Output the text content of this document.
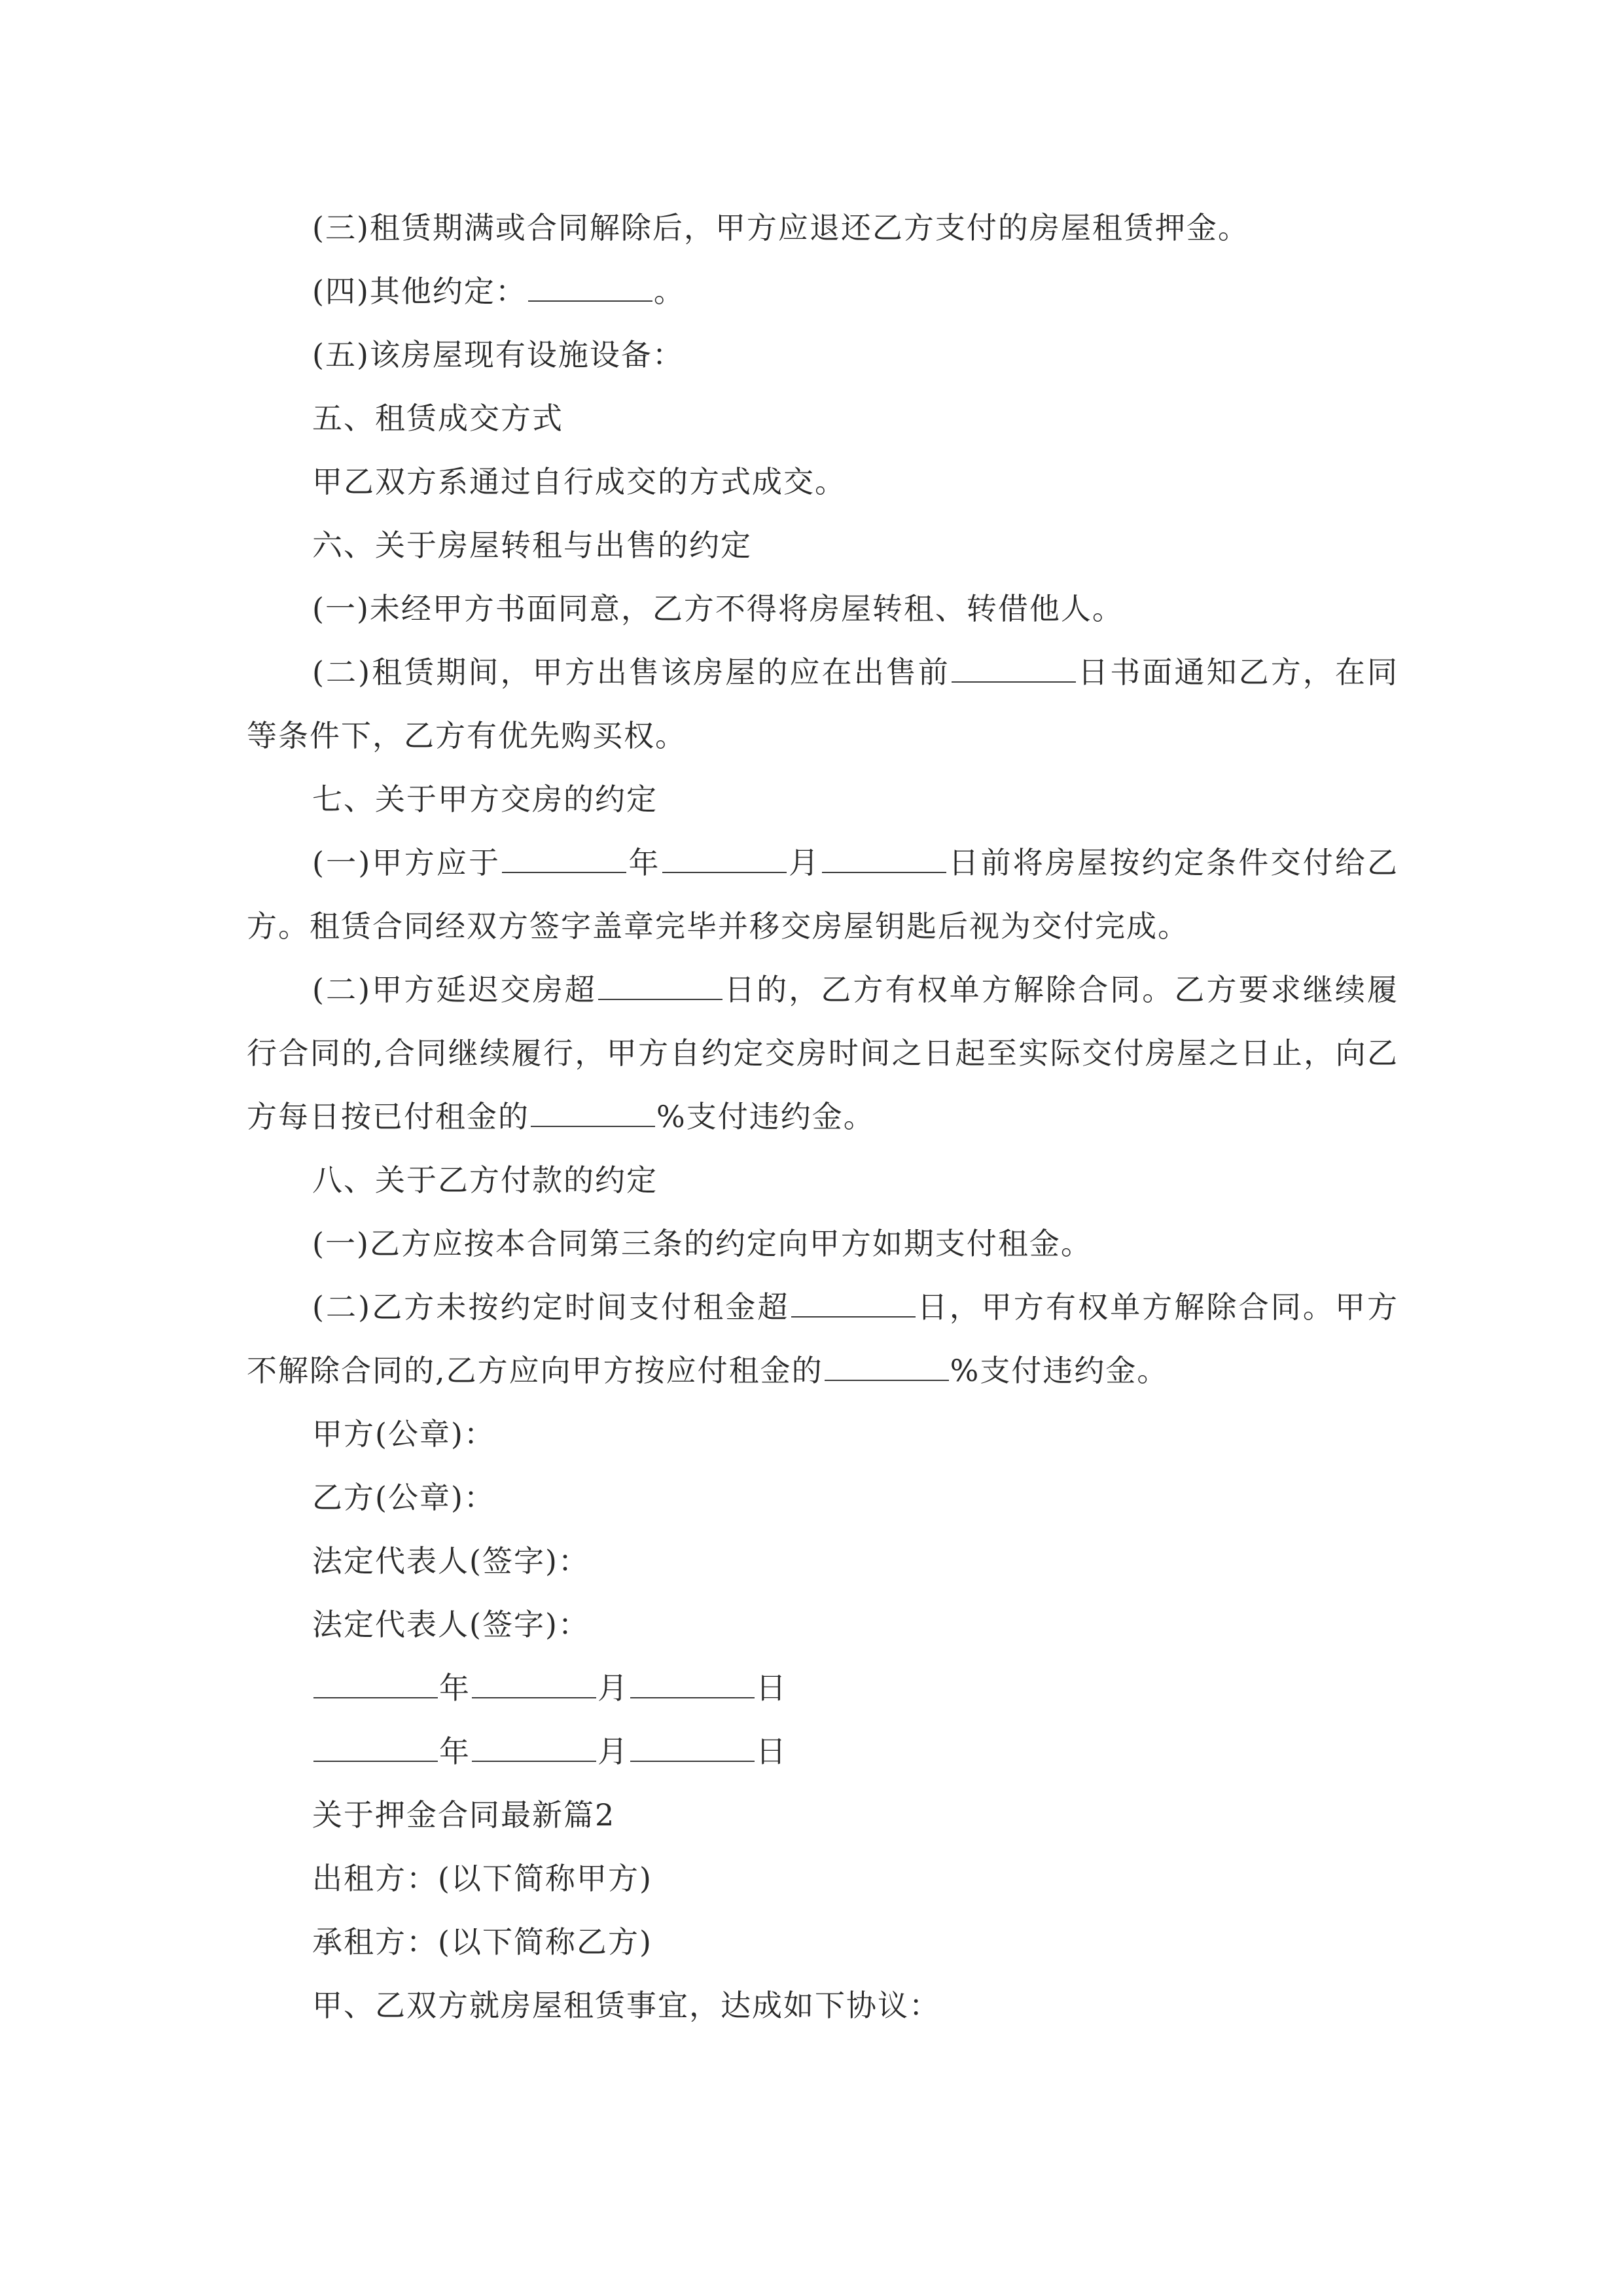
(三)租赁期满或合同解除后，甲方应退还乙方支付的房屋租赁押金。

(四)其他约定：	。

(五)该房屋现有设施设备：

五、租赁成交方式

甲乙双方系通过自行成交的方式成交。

六、关于房屋转租与出售的约定

(一)未经甲方书面同意，乙方不得将房屋转租、转借他人。

(二)租赁期间，甲方出售该房屋的应在出售前	日书面通知乙方，在同等条件下，乙方有优先购买权。

七、关于甲方交房的约定

(一)甲方应于	年	月	日前将房屋按约定条件交付给乙方。租赁合同经双方签字盖章完毕并移交房屋钥匙后视为交付完成。

(二)甲方延迟交房超	日的，乙方有权单方解除合同。乙方要求继续履行合同的,合同继续履行，甲方自约定交房时间之日起至实际交付房屋之日止，向乙方每日按已付租金的	%支付违约金。

八、关于乙方付款的约定

(一)乙方应按本合同第三条的约定向甲方如期支付租金。

(二)乙方未按约定时间支付租金超	日，甲方有权单方解除合同。甲方不解除合同的,乙方应向甲方按应付租金的	%支付违约金。

甲方(公章)：

乙方(公章)：

法定代表人(签字)：

法定代表人(签字)：

年	月	日

年	月	日

关于押金合同最新篇2

出租方：(以下简称甲方)

承租方：(以下简称乙方)

甲、乙双方就房屋租赁事宜，达成如下协议：
